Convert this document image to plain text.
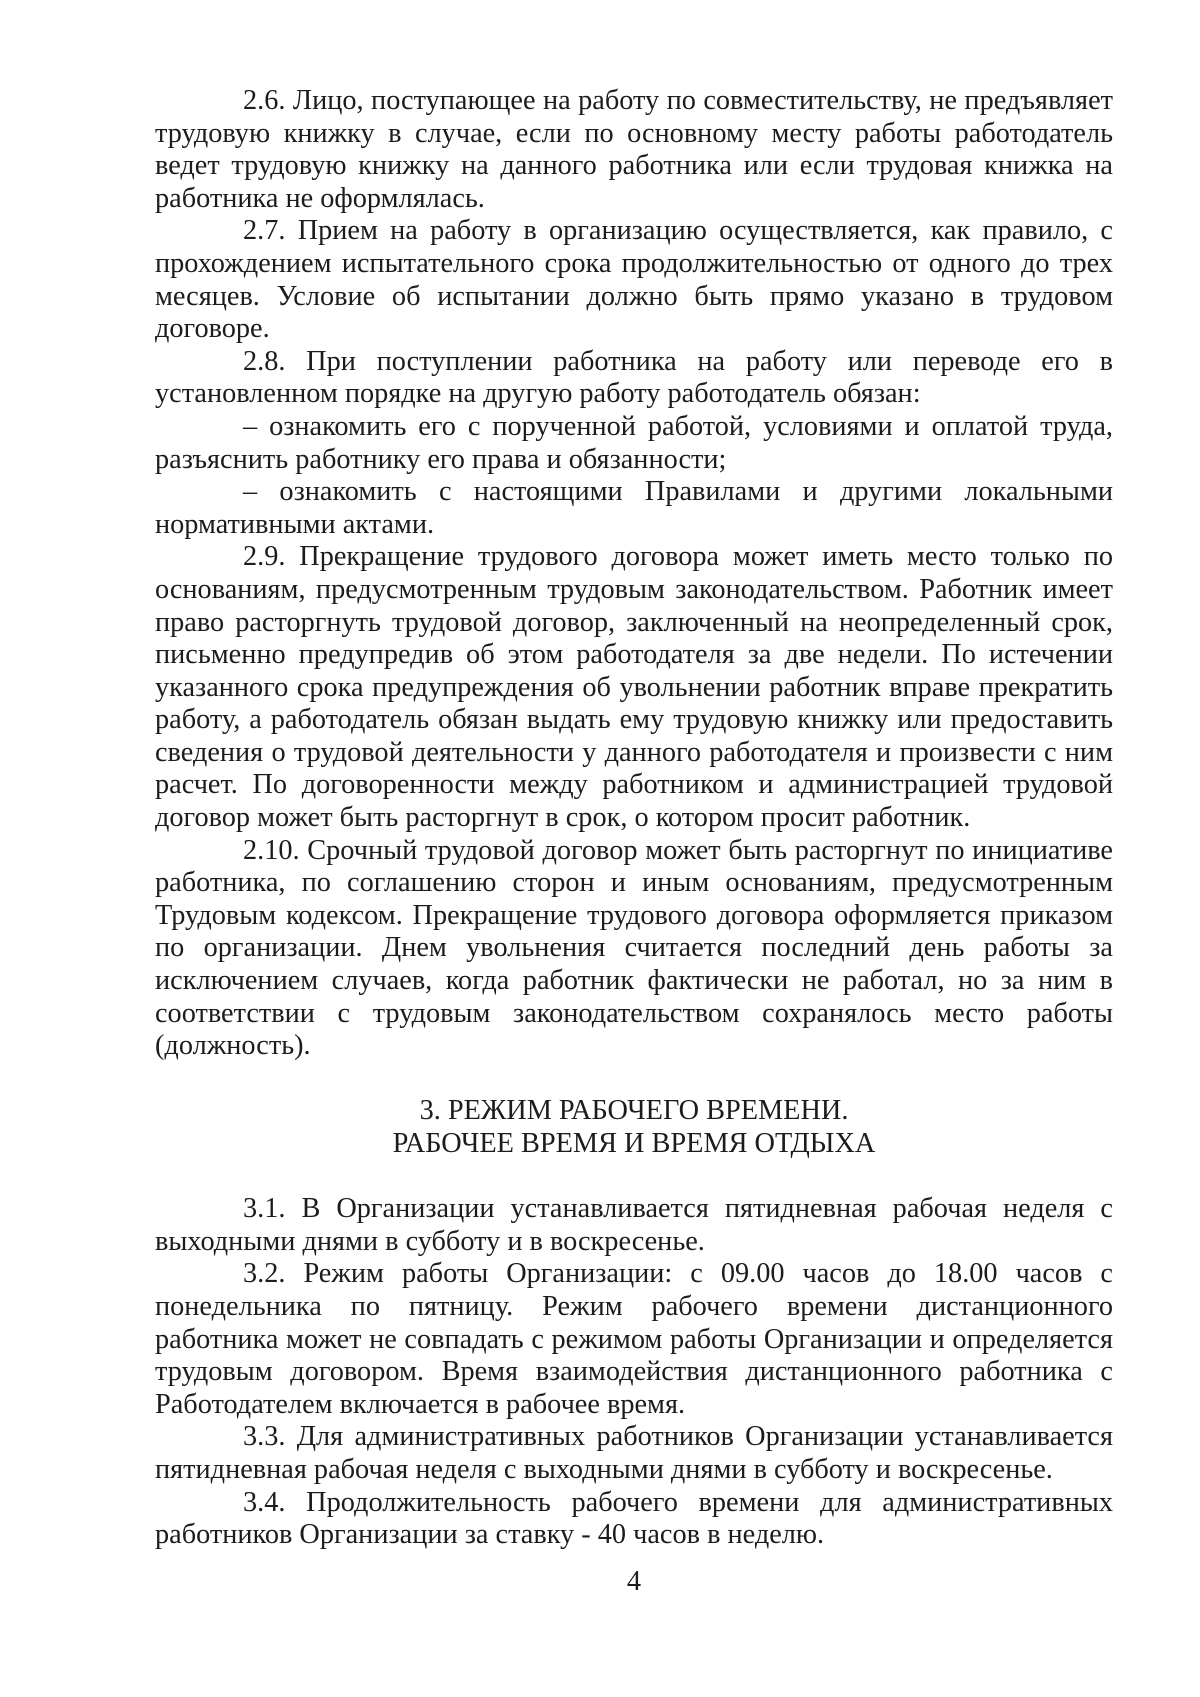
2.6. Лицо, поступающее на работу по совместительству, не предъявляет
трудовую книжку в случае, если по основному месту работы работодатель
ведет трудовую книжку на данного работника или если трудовая книжка на
работника не оформлялась.
2.7. Прием на работу в организацию осуществляется, как правило, с
прохождением испытательного срока продолжительностью от одного до трех
месяцев. Условие об испытании должно быть прямо указано в трудовом
договоре.
2.8. При поступлении работника на работу или переводе его в
установленном порядке на другую работу работодатель обязан:
– ознакомить его с порученной работой, условиями и оплатой труда,
разъяснить работнику его права и обязанности;
– ознакомить с настоящими Правилами и другими локальными
нормативными актами.
2.9. Прекращение трудового договора может иметь место только по
основаниям, предусмотренным трудовым законодательством. Работник имеет
право расторгнуть трудовой договор, заключенный на неопределенный срок,
письменно предупредив об этом работодателя за две недели. По истечении
указанного срока предупреждения об увольнении работник вправе прекратить
работу, а работодатель обязан выдать ему трудовую книжку или предоставить
сведения о трудовой деятельности у данного работодателя и произвести с ним
расчет. По договоренности между работником и администрацией трудовой
договор может быть расторгнут в срок, о котором просит работник.
2.10. Срочный трудовой договор может быть расторгнут по инициативе
работника, по соглашению сторон и иным основаниям, предусмотренным
Трудовым кодексом. Прекращение трудового договора оформляется приказом
по организации. Днем увольнения считается последний день работы за
исключением случаев, когда работник фактически не работал, но за ним в
соответствии с трудовым законодательством сохранялось место работы
(должность).
3. РЕЖИМ РАБОЧЕГО ВРЕМЕНИ.
РАБОЧЕЕ ВРЕМЯ И ВРЕМЯ ОТДЫХА
3.1. В Организации устанавливается пятидневная рабочая неделя с
выходными днями в субботу и в воскресенье.
3.2. Режим работы Организации: с 09.00 часов до 18.00 часов с
понедельника по пятницу. Режим рабочего времени дистанционного
работника может не совпадать с режимом работы Организации и определяется
трудовым договором. Время взаимодействия дистанционного работника с
Работодателем включается в рабочее время.
3.3. Для административных работников Организации устанавливается
пятидневная рабочая неделя с выходными днями в субботу и воскресенье.
3.4. Продолжительность рабочего времени для административных
работников Организации за ставку - 40 часов в неделю.
4
